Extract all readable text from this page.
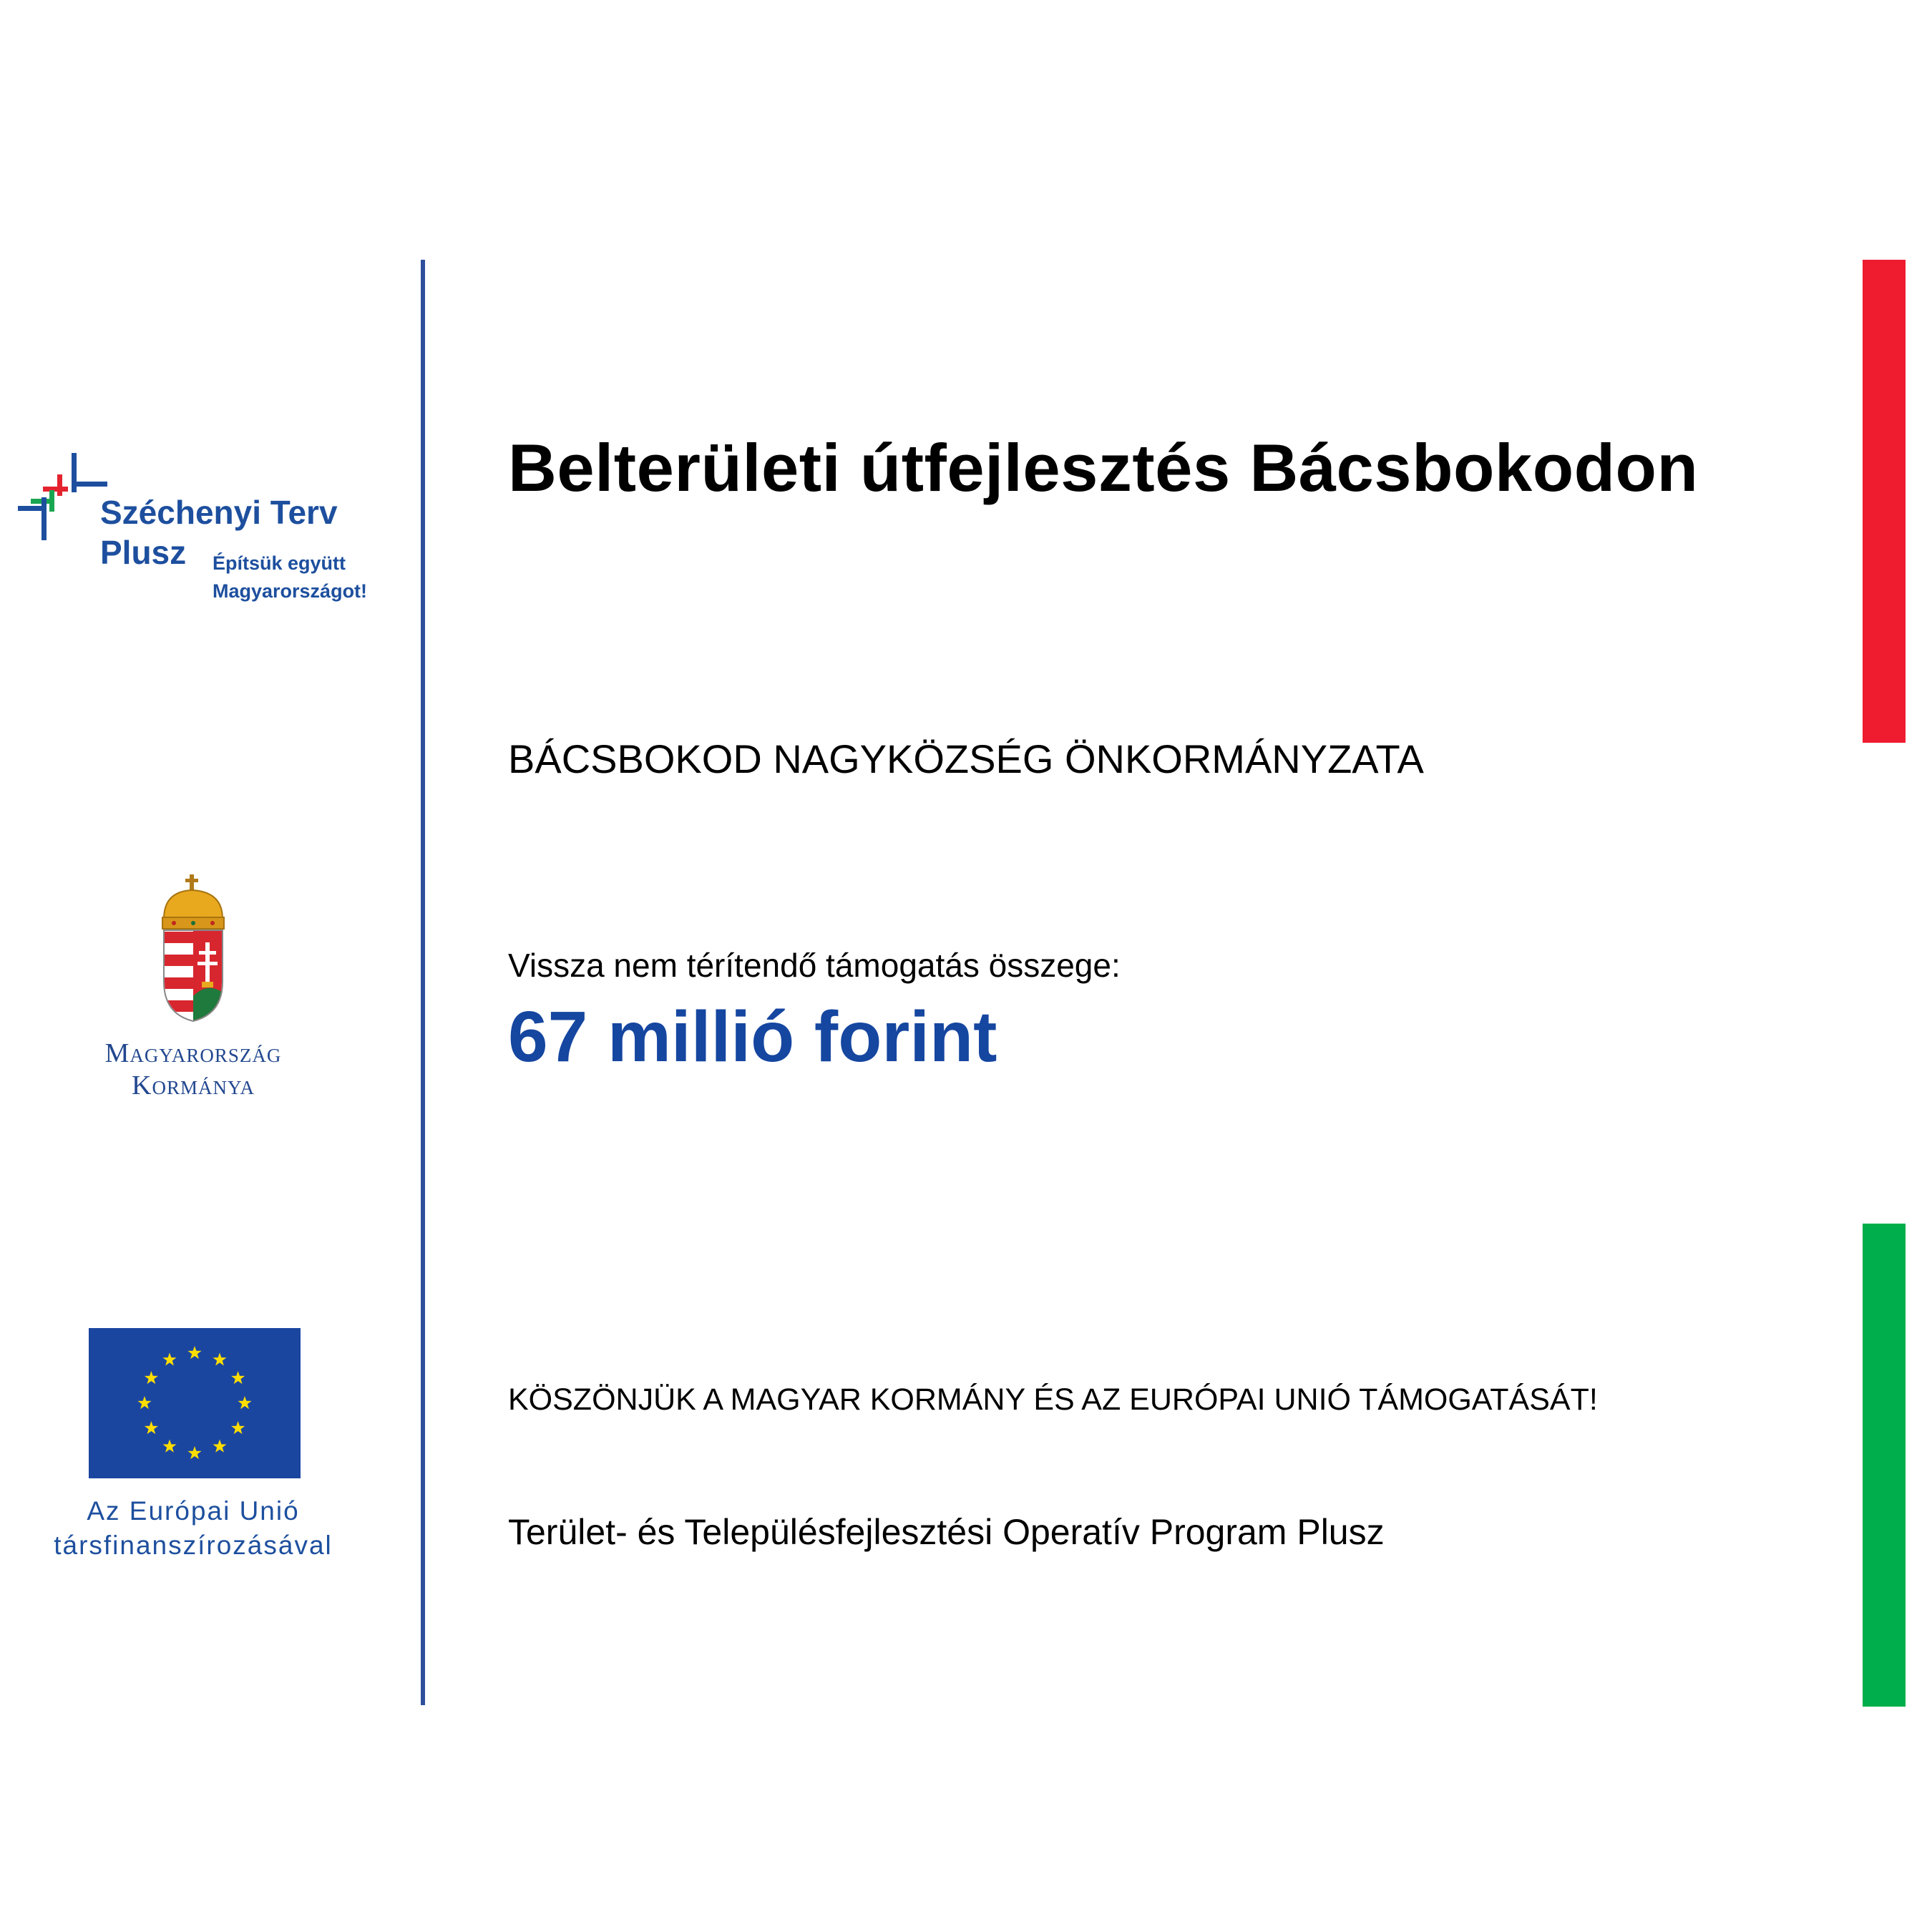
Széchenyi Terv
Plusz	Építsük együtt
Magyarországot!
Magyarország
Kormánya
Az Európai Unió
társfinanszírozásával
Belterületi útfejlesztés Bácsbokodon
BÁCSBOKOD NAGYKÖZSÉG ÖNKORMÁNYZATA
Vissza nem térítendő támogatás összege:
67 millió forint
KÖSZÖNJÜK A MAGYAR KORMÁNY ÉS AZ EURÓPAI UNIÓ TÁMOGATÁSÁT!
Terület- és Településfejlesztési Operatív Program Plusz
